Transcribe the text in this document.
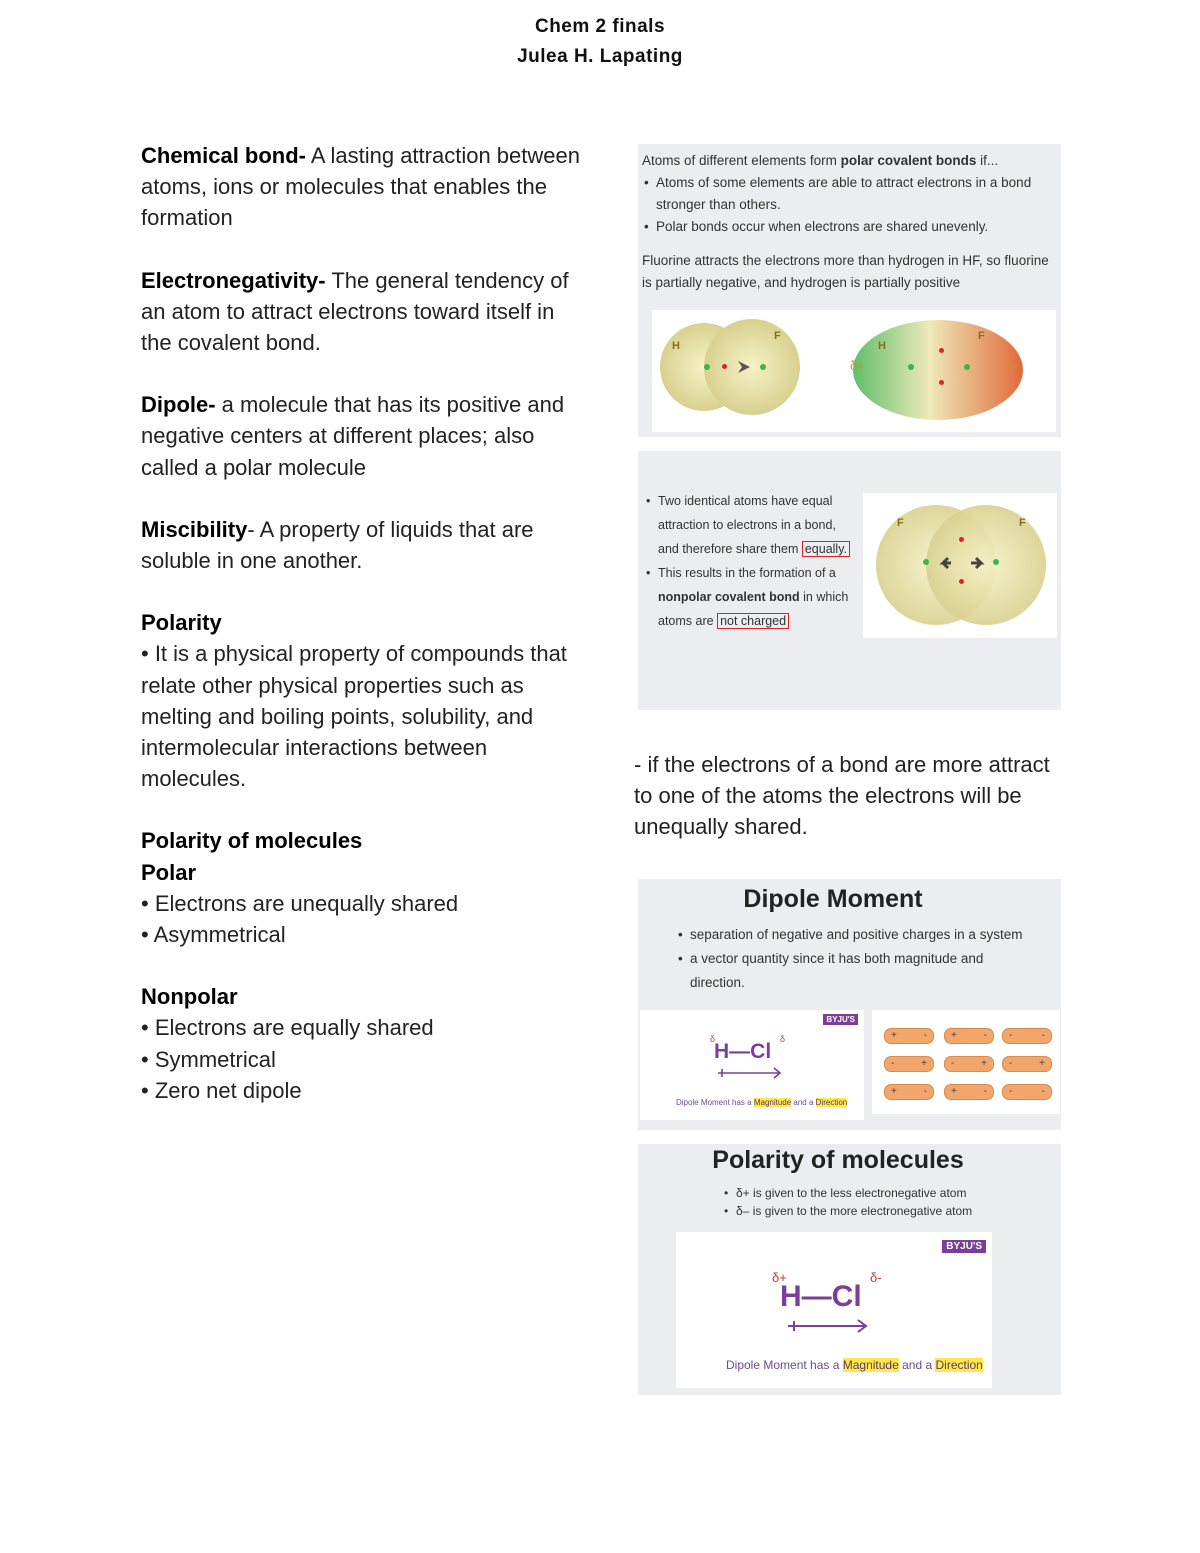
Chem 2 finals
Julea H. Lapating

Chemical bond- A lasting attraction between atoms, ions or molecules that enables the formation

Electronegativity- The general tendency of an atom to attract electrons toward itself in the covalent bond.

Dipole- a molecule that has its positive and negative centers at different places; also

called a polar molecule

Miscibility- A property of liquids that are soluble in one another.

Polarity

• It is a physical property of compounds that relate other physical properties such as melting and boiling points, solubility, and

intermolecular interactions between molecules.

Polarity of molecules

Polar

• Electrons are unequally shared

• Asymmetrical

Nonpolar

• Electrons are equally shared

• Symmetrical

• Zero net dipole

- if the electrons of a bond are more attract to one of the atoms the electrons will be unequally shared.
Atoms of different elements form polar covalent bonds if...
• Atoms of some elements are able to attract electrons in a bond stronger than others.
• Polar bonds occur when electrons are shared unevenly.
Fluorine attracts the electrons more than hydrogen in HF, so fluorine is partially negative, and hydrogen is partially positive
H
F
H
F
δ+	δ-
• Two identical atoms have equal attraction to electrons in a bond, and therefore share them equally.
• This results in the formation of a nonpolar covalent bond in which atoms are not charged
F	F
Dipole Moment
• separation of negative and positive charges in a system
• a vector quantity since it has both magnitude and direction.
BYJU'S
δ	δ
H—Cl
Dipole Moment has a Magnitude and a Direction
+	- +	- -	-
-	+ -	+ -	+
+	- +	- -	-
Polarity of molecules
• δ+ is given to the less electronegative atom
• δ– is given to the more electronegative atom
BYJU'S
δ+	δ-
H—Cl
Dipole Moment has a Magnitude and a Direction
